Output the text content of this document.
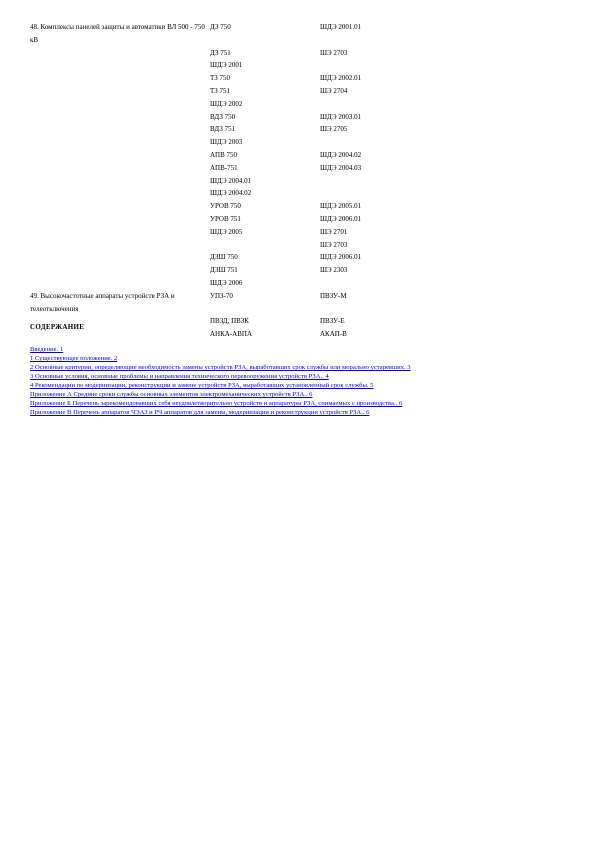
48. Комплексы панелей защиты и автоматики ВЛ 500 - 750 кВ
ДЗ 750	ШДЭ 2001.01
ДЗ 751	ШЭ 2703
ШДЭ 2001
ТЗ 750	ШДЭ 2002.01
ТЗ 751	ШЭ 2704
ШДЭ 2002
ВДЗ 750	ШДЭ 2003.01
ВДЗ 751	ШЭ 2705
ШДЭ 2003
АПВ 750	ШДЭ 2004.02
АПВ-751	ШДЭ 2004.03
ШДЭ 2004.01
ШДЭ 2004.02
УРОВ 750	ШДЭ 2005.01
УРОВ 751	ШДЭ 2006.01
ШДЭ 2005	ШЭ 2701
ШЭ 2703
ДЗШ 750	ШДЭ 2006.01
ДЗШ 751	ШЭ 2303
ШДЭ 2006
49. Высокочастотные аппараты устройств РЗА и телеотключения
УПЗ-70	ПВЗУ-М
ПВЗД, ПВЗК	ПВЗУ-Е
АНКА-АВПА	АКАП-В
СОДЕРЖАНИЕ
Введение. 1
1 Существующее положение. 2
2 Основные критерии, определяющие необходимость замены устройств РЗА, выработавших срок службы или морально устаревших. 3
3 Основные условия, основные проблемы и направления технического перевооружения устройств РЗА.. 4
4 Рекомендации по модернизации, реконструкции и замене устройств РЗА, выработавших установленный срок службы. 5
Приложение А Средние сроки службы основных элементов электромеханических устройств РЗА.. 6
Приложение Б Перечень зарекомендовавших себя неудовлетворительно устройств и аппаратуры РЗА, снимаемых с производства.. 6
Приложение В Перечень аппаратов ЧЭАЗ и РЧ аппаратов для замены, модернизации и реконструкции устройств РЗА.. 6
